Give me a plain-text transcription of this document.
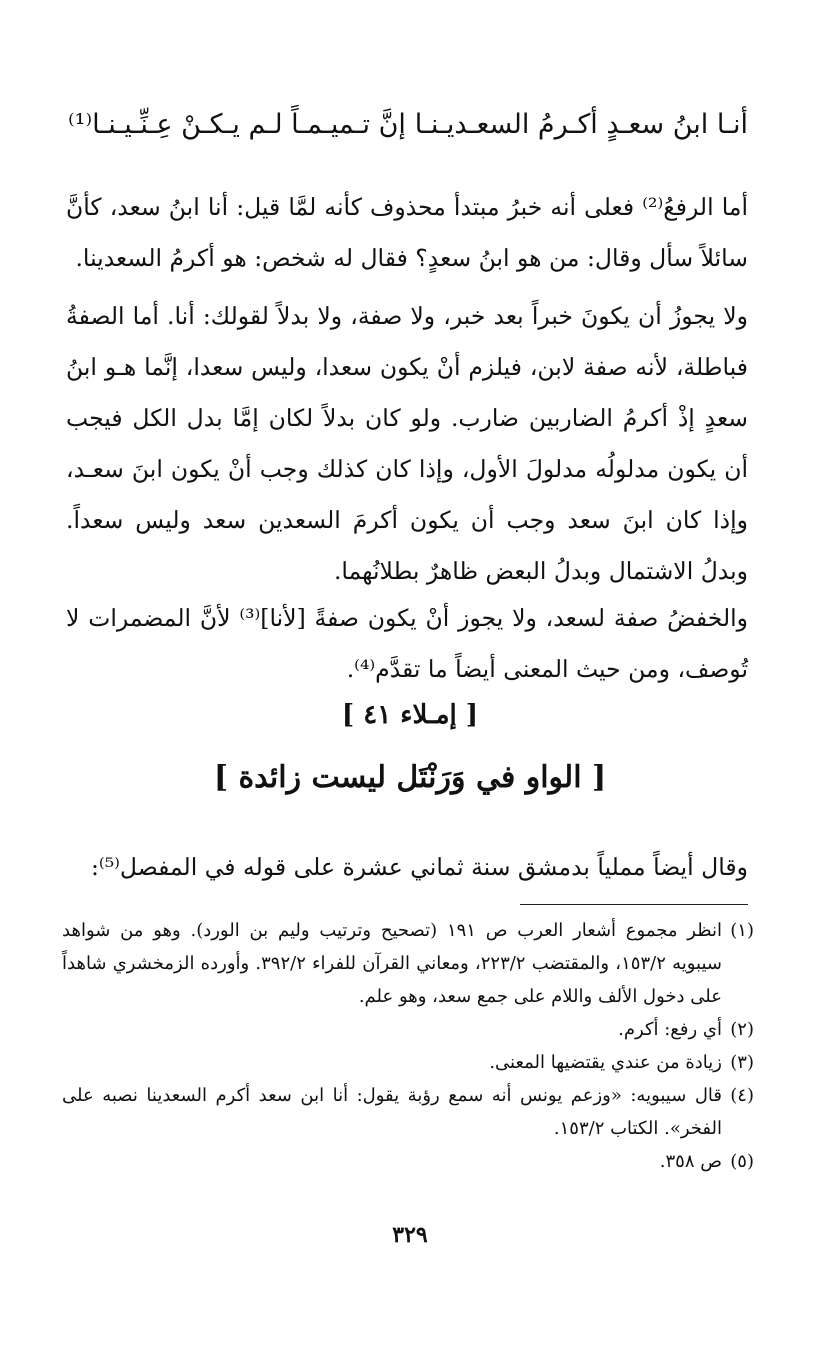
أنـا ابنُ سعـدٍ أكـرمُ السعـديـنـا
إنَّ تـميـمـاً لـم يـكـنْ عِـنِّـيـنـا⁽¹⁾

أما الرفعُ⁽²⁾ فعلى أنه خبرُ مبتدأ محذوف كأنه لمَّا قيل: أنا ابنُ سعد، كأنَّ سائلاً سأل وقال: من هو ابنُ سعدٍ؟ فقال له شخص: هو أكرمُ السعدينا.

ولا يجوزُ أن يكونَ خبراً بعد خبر، ولا صفة، ولا بدلاً لقولك: أنا. أما الصفةُ فباطلة، لأنه صفة لابن، فيلزم أنْ يكون سعدا، وليس سعدا، إنَّما هـو ابنُ سعدٍ إذْ أكرمُ الضاربين ضارب. ولو كان بدلاً لكان إمَّا بدل الكل فيجب أن يكون مدلولُه مدلولَ الأول، وإذا كان كذلك وجب أنْ يكون ابنَ سعـد، وإذا كان ابنَ سعد وجب أن يكون أكرمَ السعدين سعد وليس سعداً. وبدلُ الاشتمال وبدلُ البعض ظاهرٌ بطلانُهما.

والخفضُ صفة لسعد، ولا يجوز أنْ يكون صفةً [لأنا]⁽³⁾ لأنَّ المضمرات لا تُوصف، ومن حيث المعنى أيضاً ما تقدَّم⁽⁴⁾.

[ إمـلاء ٤١ ]
[ الواو في وَرَنْتَل ليست زائدة ]

وقال أيضاً مملياً بدمشق سنة ثماني عشرة على قوله في المفصل⁽⁵⁾:

(١)انظر مجموع أشعار العرب ص ١٩١ (تصحيح وترتيب وليم بن الورد). وهو من شواهد سيبويه ١٥٣/٢، والمقتضب ٢٢٣/٢، ومعاني القرآن للفراء ٣٩٢/٢. وأورده الزمخشري شاهداً على دخول الألف واللام على جمع سعد، وهو علم.
(٢)أي رفع: أكرم.
(٣)زيادة من عندي يقتضيها المعنى.
(٤)قال سيبويه: «وزعم يونس أنه سمع رؤبة يقول: أنا ابن سعد أكرم السعدينا نصبه على الفخر». الكتاب ١٥٣/٢.
(٥)ص ٣٥٨.
٣٢٩
